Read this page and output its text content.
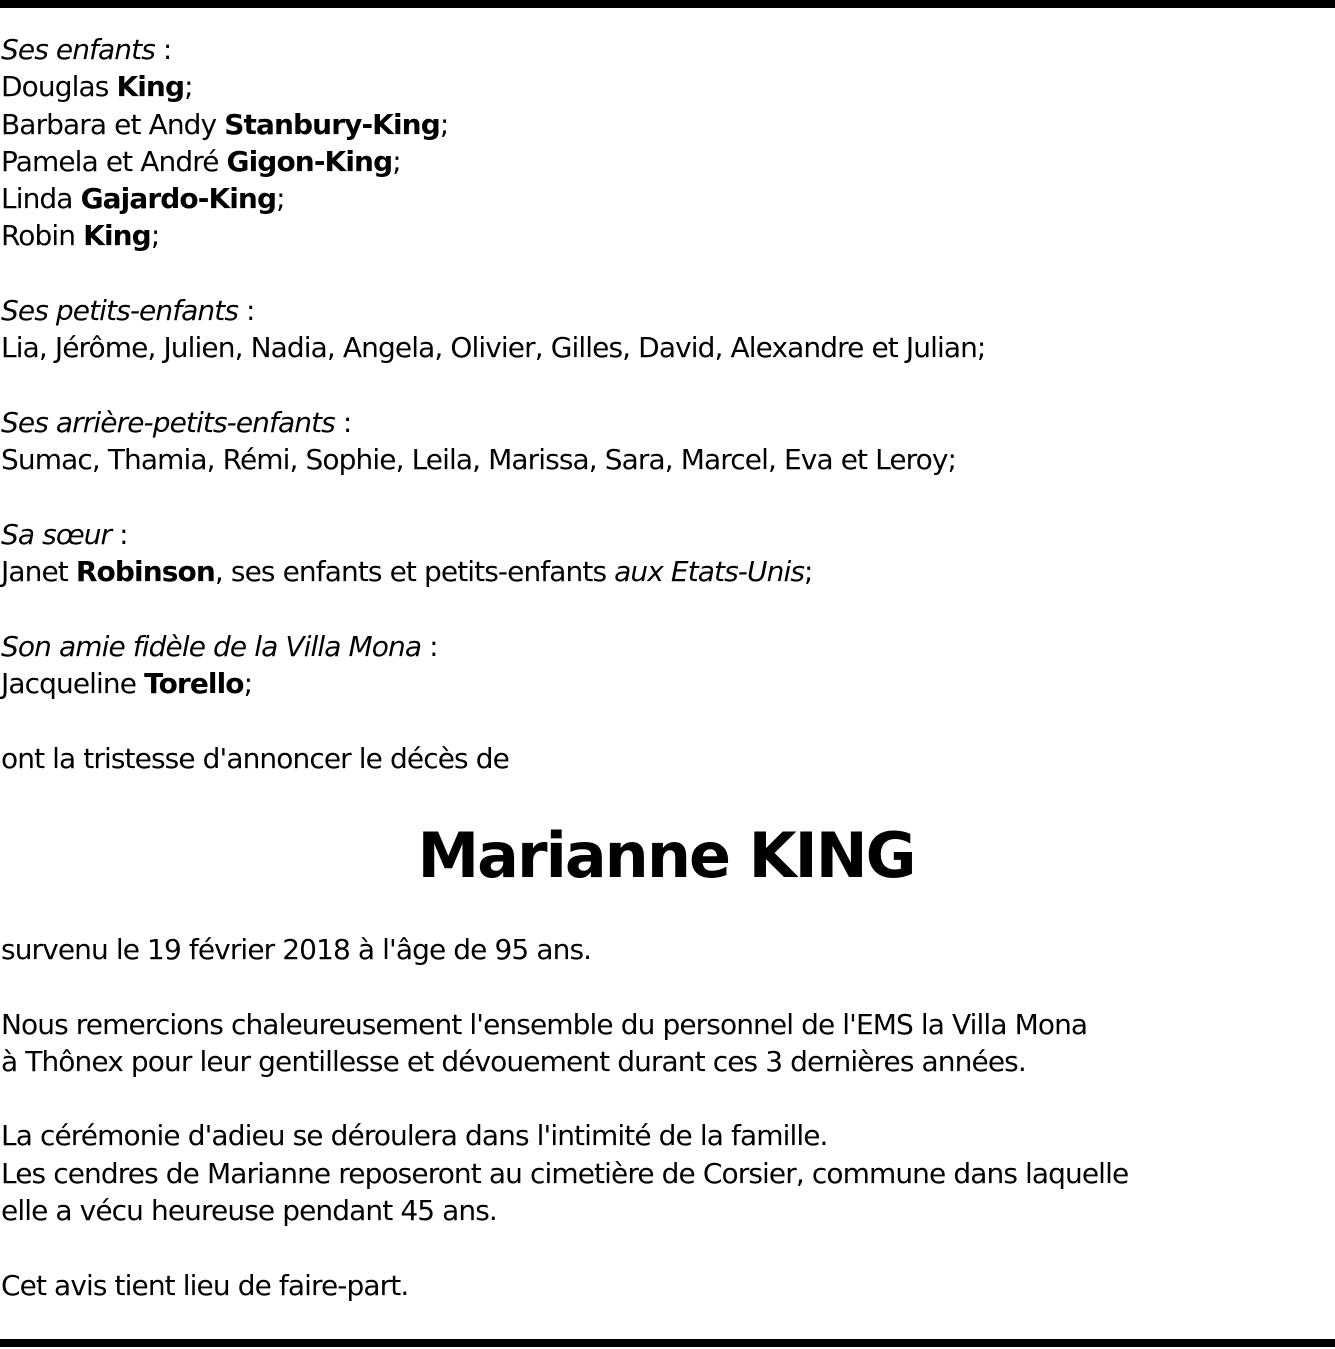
Ses enfants :
Douglas King;
Barbara et Andy Stanbury-King;
Pamela et André Gigon-King;
Linda Gajardo-King;
Robin King;
Ses petits-enfants :
Lia, Jérôme, Julien, Nadia, Angela, Olivier, Gilles, David, Alexandre et Julian;
Ses arrière-petits-enfants :
Sumac, Thamia, Rémi, Sophie, Leila, Marissa, Sara, Marcel, Eva et Leroy;
Sa sœur :
Janet Robinson, ses enfants et petits-enfants aux Etats-Unis;
Son amie fidèle de la Villa Mona :
Jacqueline Torello;
ont la tristesse d'annoncer le décès de
Marianne KING
survenu le 19 février 2018 à l'âge de 95 ans.
Nous remercions chaleureusement l'ensemble du personnel de l'EMS la Villa Mona
à Thônex pour leur gentillesse et dévouement durant ces 3 dernières années.
La cérémonie d'adieu se déroulera dans l'intimité de la famille.
Les cendres de Marianne reposeront au cimetière de Corsier, commune dans laquelle
elle a vécu heureuse pendant 45 ans.
Cet avis tient lieu de faire-part.
